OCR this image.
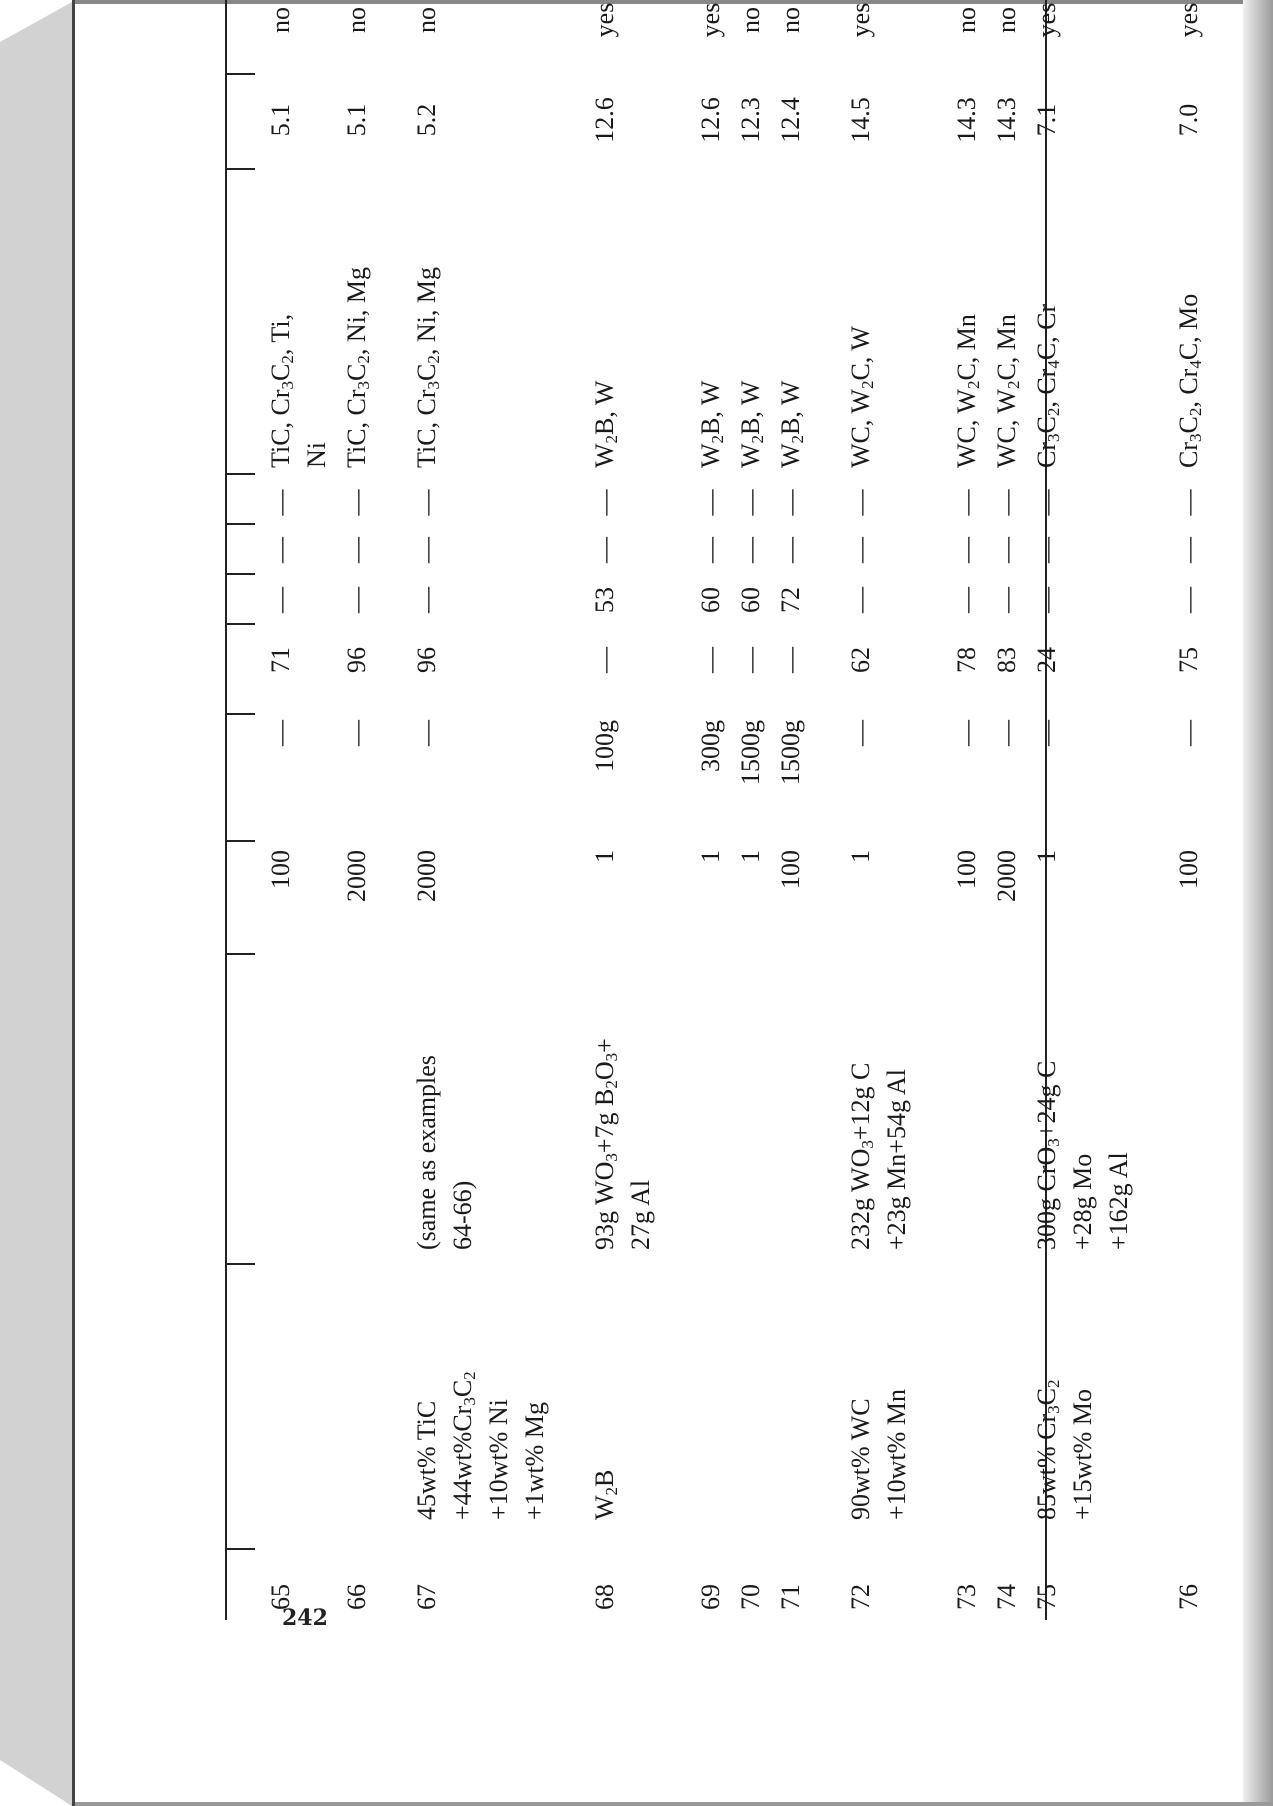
65
100
—
71
—
—
—
TiC, $Cr_3C_2$, Ti,
Ni
5.1
no
66
2000
—
96
—
—
—
TiC, $Cr_3C_2$, Ni, Mg
5.1
no
67
45wt% TiC $+44wt\%Cr_3C_2$
+10wt% Ni +1wt% Mg
(same as examples 64-66)
2000
—
96
—
—
—
TiC, $Cr_3C_2$, Ni, Mg
5.2
no
68
$W_2B$
93g $WO_3+7g$ $B_2O_3+$
27g Al
1
100g
—
53
—
—
$W_2B$, W
12.6
yes
69
1
300g
—
60
—
—
$W_2B$, W
12.6
yes
70
1
1500g
—
60
—
—
$W_2B$, W
12.3
no
71
100
1500g
—
72
—
—
$W_2B$, W
12.4
no
72
90wt% WC +10wt% Mn
232g $WO_3+12g$ C +23g Mn+54g Al
1
—
62
—
—
—
WC, $W_2C$, W
14.5
yes
73
100
—
78
—
—
—
WC, $W_2C$, Mn
14.3
no
74
2000
—
83
—
—
—
WC, $W_2C$, Mn
14.3
no
75
85wt% $Cr_3C_2$
+15wt% Mo
300g CrO$_3$+24g C
+28g Mo +162g Al
1
—
24
—
—
—
$Cr_3C_2$, $Cr_4C$, Cr
7.1
yes
76
100
—
75
—
—
—
$Cr_3C_2$, $Cr_4C$, Mo
7.0
yes
242
